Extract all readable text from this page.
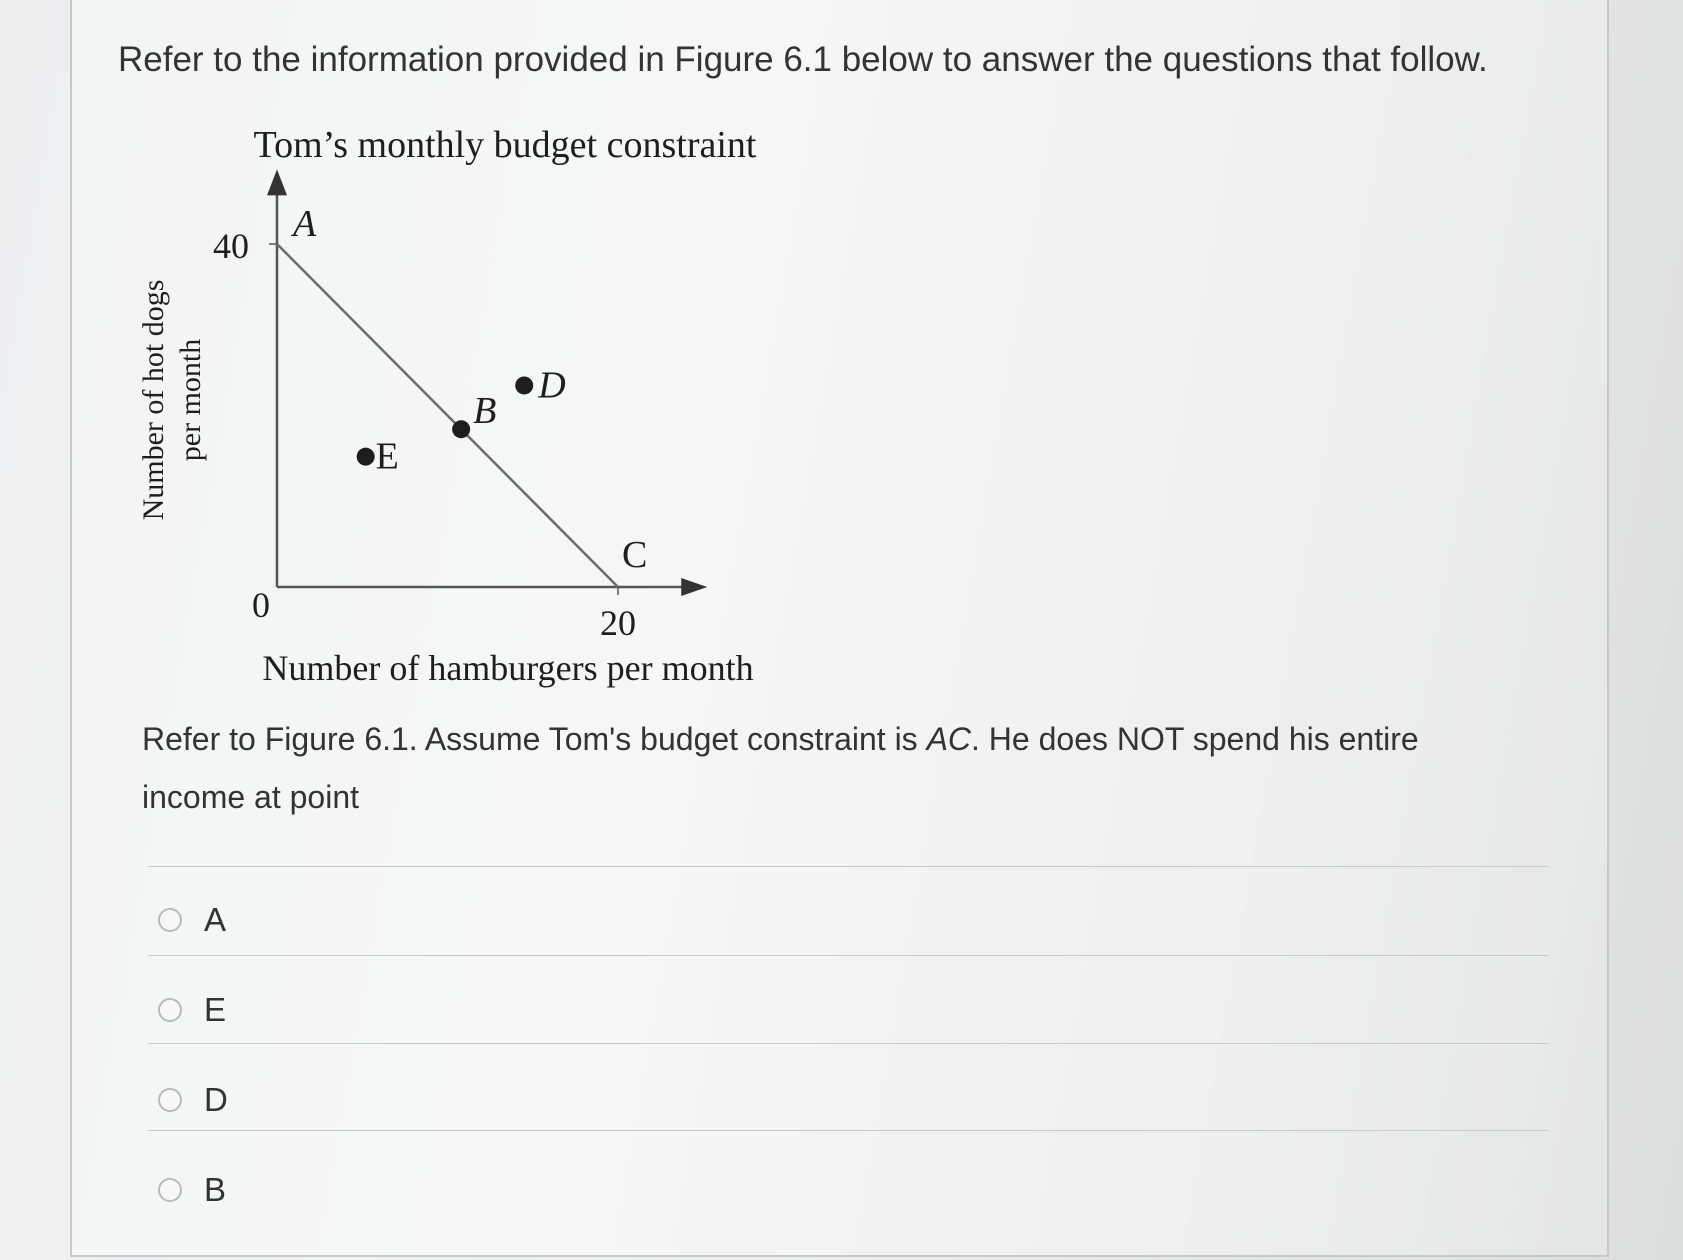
Refer to the information provided in Figure 6.1 below to answer the questions that follow.
Tom’s monthly budget constraint
Number of hot dogs per month
40
20
0
A
B
C
D
E
Number of hamburgers per month
Refer to Figure 6.1. Assume Tom's budget constraint is AC. He does NOT spend his entire income at point
A
E
D
B
